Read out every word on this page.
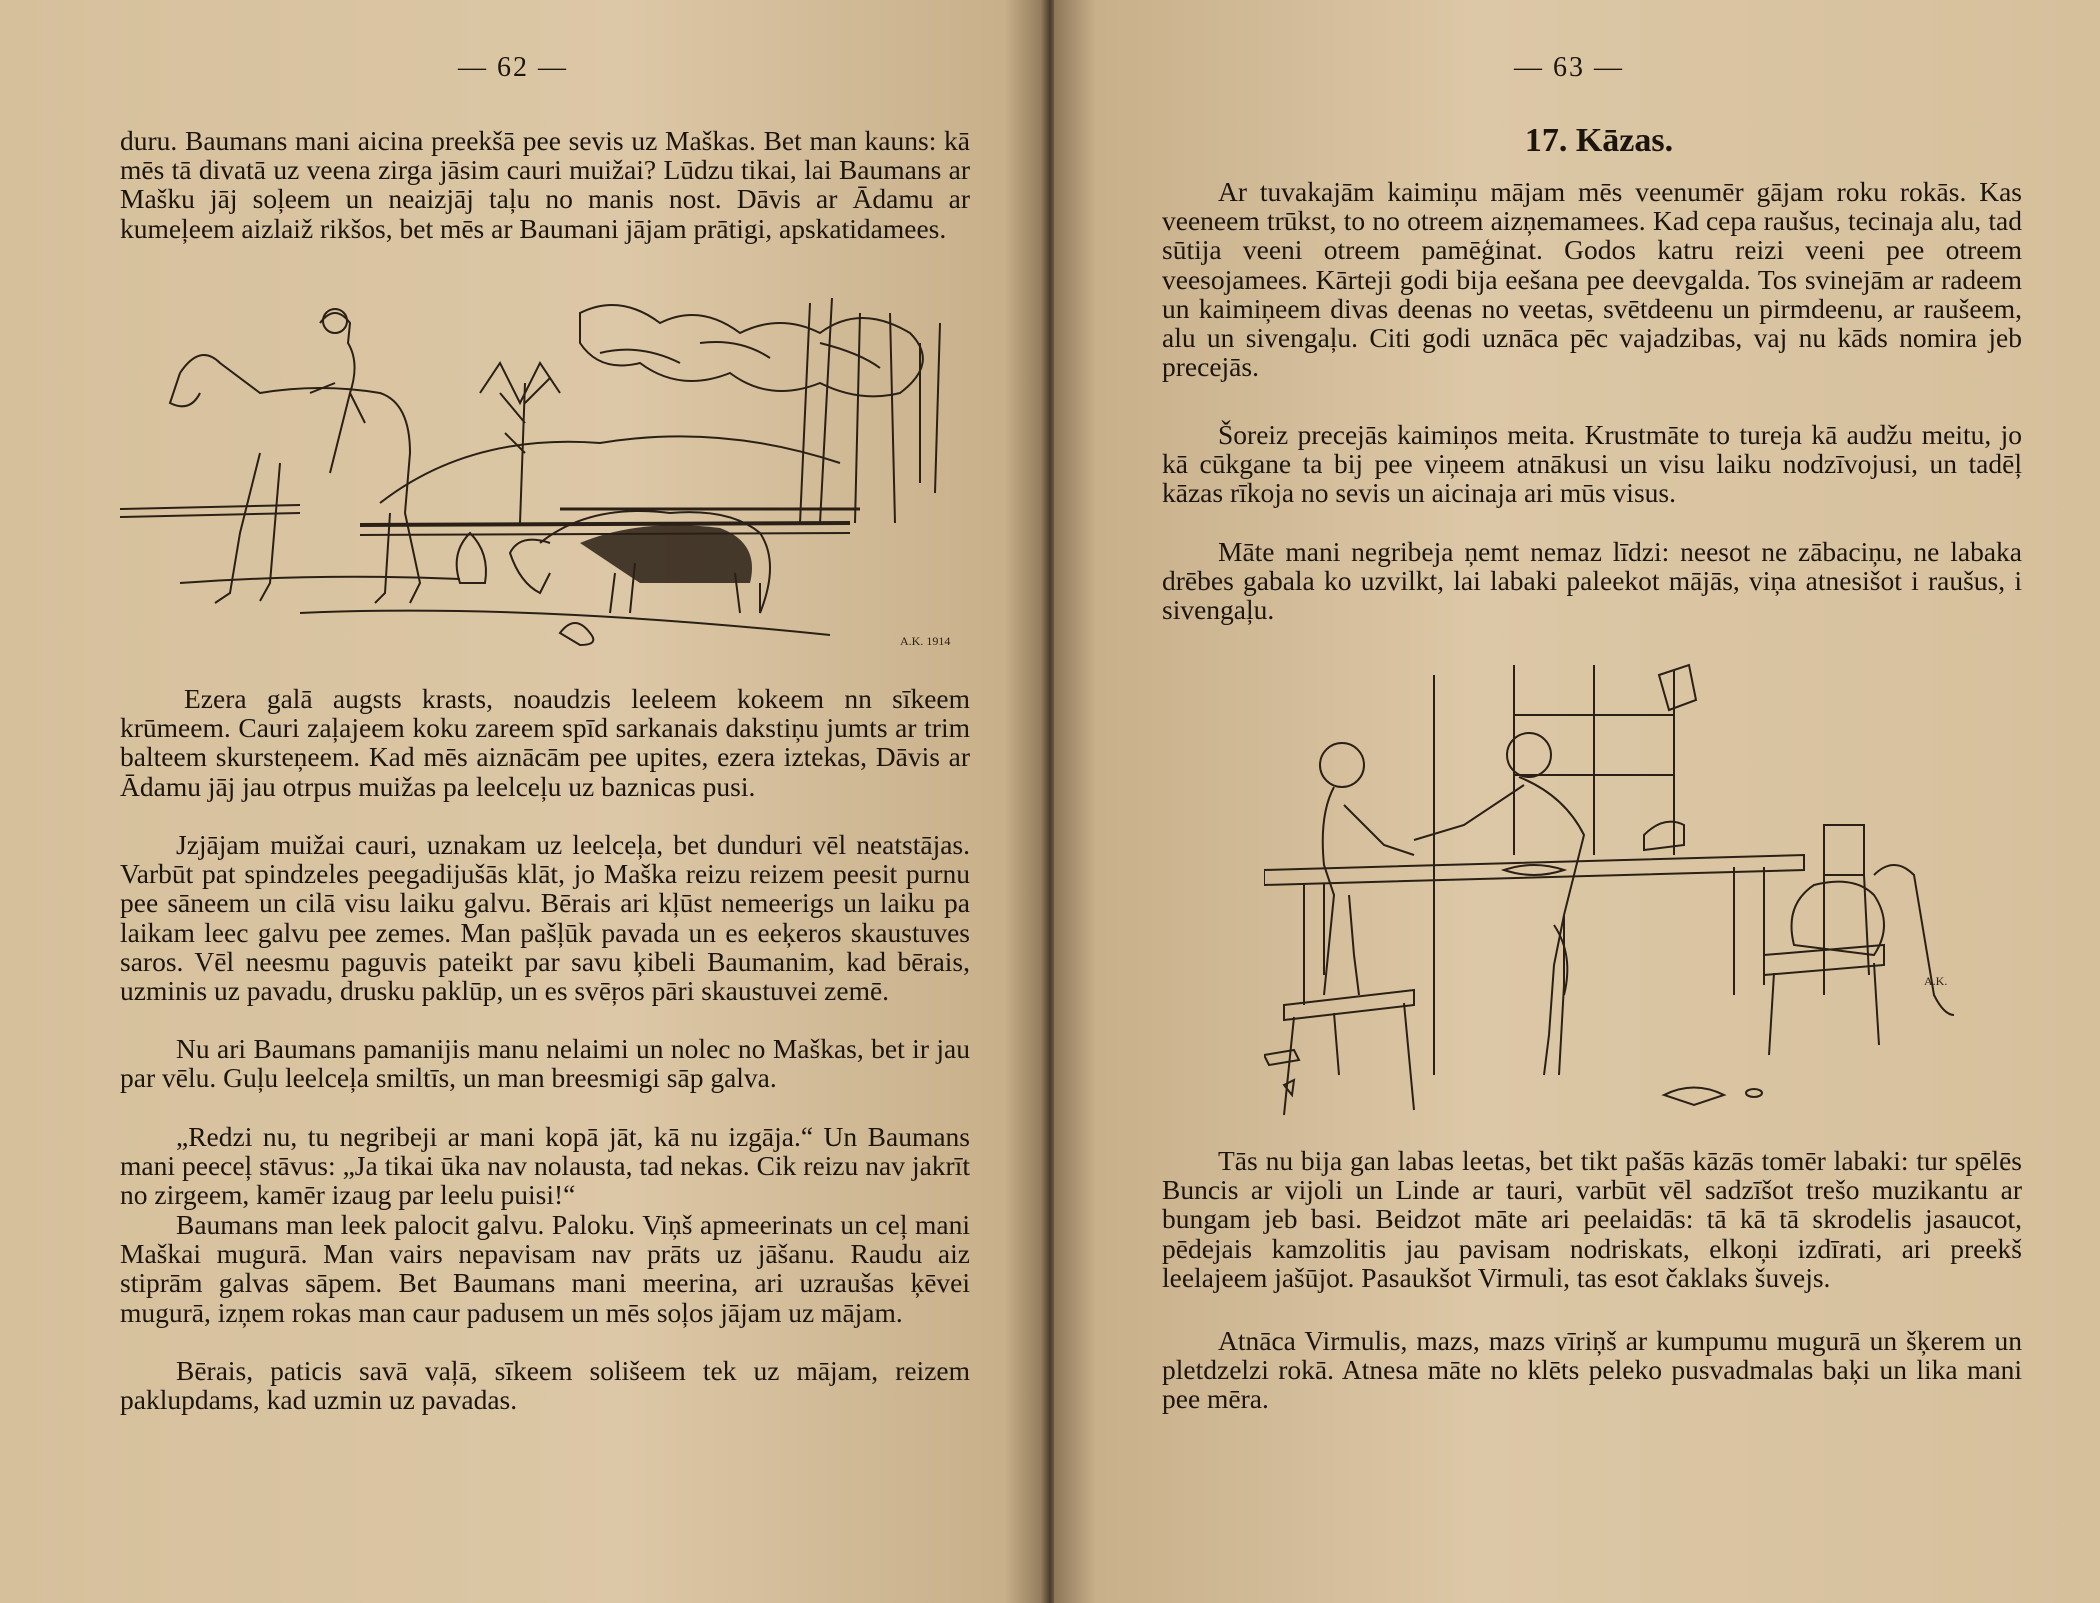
— 62 —

duru. Baumans mani aicina preekšā pee sevis uz Maškas. Bet man kauns: kā mēs tā divatā uz veena zirga jāsim cauri muižai? Lūdzu tikai, lai Baumans ar Mašku jāj soļeem un neaizjāj taļu no manis nost. Dāvis ar Ādamu ar kumeļeem aizlaiž rikšos, bet mēs ar Baumani jājam prātigi, apskatidamees.

A.K. 1914

Ezera galā augsts krasts, noaudzis leeleem kokeem nn sīkeem krūmeem. Cauri zaļajeem koku zareem spīd sarkanais dakstiņu jumts ar trim balteem skursteņeem. Kad mēs aiznācām pee upites, ezera iztekas, Dāvis ar Ādamu jāj jau otrpus muižas pa leelceļu uz baznicas pusi.

Jzjājam muižai cauri, uznakam uz leelceļa, bet dunduri vēl neatstājas. Varbūt pat spindzeles peegadijušās klāt, jo Maška reizu reizem peesit purnu pee sāneem un cilā visu laiku galvu. Bērais ari kļūst nemeerigs un laiku pa laikam leec galvu pee zemes. Man pašļūk pavada un es eeķeros skaustuves saros. Vēl neesmu paguvis pateikt par savu ķibeli Baumanim, kad bērais, uzminis uz pavadu, drusku paklūp, un es svēŗos pāri skaustuvei zemē.

Nu ari Baumans pamanijis manu nelaimi un nolec no Maškas, bet ir jau par vēlu. Guļu leelceļa smiltīs, un man breesmigi sāp galva.

„Redzi nu, tu negribeji ar mani kopā jāt, kā nu izgāja.“ Un Baumans mani peeceļ stāvus: „Ja tikai ūka nav nolausta, tad nekas. Cik reizu nav jakrīt no zirgeem, kamēr izaug par leelu puisi!“

Baumans man leek palocit galvu. Paloku. Viņš apmeerinats un ceļ mani Maškai mugurā. Man vairs nepavisam nav prāts uz jāšanu. Raudu aiz stiprām galvas sāpem. Bet Baumans mani meerina, ari uzraušas ķēvei mugurā, izņem rokas man caur padusem un mēs soļos jājam uz mājam.

Bērais, paticis savā vaļā, sīkeem solišeem tek uz mājam, reizem paklupdams, kad uzmin uz pavadas.

— 63 —
17. Kāzas.

Ar tuvakajām kaimiņu mājam mēs veenumēr gājam roku rokās. Kas veeneem trūkst, to no otreem aizņemamees. Kad cepa raušus, tecinaja alu, tad sūtija veeni otreem pamēģinat. Godos katru reizi veeni pee otreem veesojamees. Kārteji godi bija eešana pee deevgalda. Tos svinejām ar radeem un kaimiņeem divas deenas no veetas, svētdeenu un pirmdeenu, ar raušeem, alu un sivengaļu. Citi godi uznāca pēc vajadzibas, vaj nu kāds nomira jeb precejās.

Šoreiz precejās kaimiņos meita. Krustmāte to tureja kā audžu meitu, jo kā cūkgane ta bij pee viņeem atnākusi un visu laiku nodzīvojusi, un tadēļ kāzas rīkoja no sevis un aicinaja ari mūs visus.

Māte mani negribeja ņemt nemaz līdzi: neesot ne zābaciņu, ne labaka drēbes gabala ko uzvilkt, lai labaki paleekot mājās, viņa atnesišot i raušus, i sivengaļu.

A.K.

Tās nu bija gan labas leetas, bet tikt pašās kāzās tomēr labaki: tur spēlēs Buncis ar vijoli un Linde ar tauri, varbūt vēl sadzīšot trešo muzikantu ar bungam jeb basi. Beidzot māte ari peelaidās: tā kā tā skrodelis jasaucot, pēdejais kamzolitis jau pavisam nodriskats, elkoņi izdīrati, ari preekš leelajeem jašūjot. Pasaukšot Virmuli, tas esot čaklaks šuvejs.

Atnāca Virmulis, mazs, mazs vīriņš ar kumpumu mugurā un šķerem un pletdzelzi rokā. Atnesa māte no klēts peleko pusvadmalas baķi un lika mani pee mēra.
